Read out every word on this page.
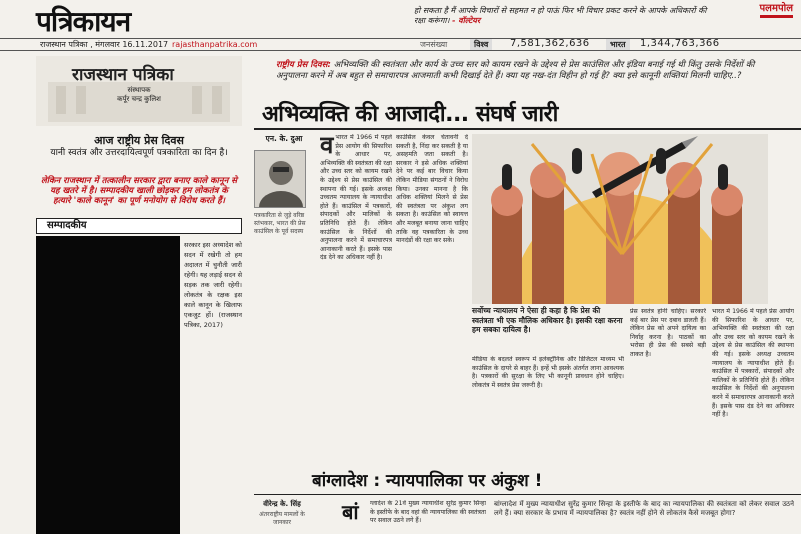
पत्रिकायन	हो सकता है मैं आपके विचारों से सहमत न हो पाऊं फिर भी विचार प्रकट करने के आपके अधिकारों की रक्षा करूंगा। - वॉल्टेयर
पलमपोल
राजस्थान पत्रिका , मंगलवार 16.11.2017 rajasthanpatrika.com	जनसंख्या	विश्व	7,581,362,636	भारत	1,344,763,366
राजस्थान पत्रिका
संस्थापक
कर्पूर चन्द्र कुलिश
आज राष्ट्रीय प्रेस दिवस
यानी स्वतंत्र और उत्तरदायित्वपूर्ण पत्रकारिता का दिन है।
लेकिन राजस्थान में तत्कालीन सरकार द्वारा बनाए काले कानून से यह खतरे में है। सम्पादकीय खाली छोड़कर हम लोकतंत्र के हत्यारे 'काले कानून' का पूर्ण मनोयोग से विरोध करते हैं।
सम्पादकीय
सरकार इस अध्यादेश को सदन में रखेगी तो हम अदालत में चुनौती जारी रहेगी। यह लड़ाई सदन से सड़क तक जारी रहेगी। लोकतंत्र के रक्षक इस काले कानून के खिलाफ एकजुट हों। (राजस्थान पत्रिका, 2017)
राष्ट्रीय प्रेस दिवस: अभिव्यक्ति की स्वतंत्रता और कार्य के उच्च स्तर को कायम रखने के उद्देश्य से प्रेस काउंसिल और इंडिया बनाई गई थी किंतु उसके निर्देशों की अनुपालना करने में अब बहुत से समाचारपत्र आजमाती कभी दिखाई देते हैं। क्या यह नख-दंत विहीन हो गई है? क्या इसे कानूनी शक्तियां मिलनी चाहिए..?
अभिव्यक्ति की आजादी... संघर्ष जारी
एन. के. दुआ
पत्रकारिता से जुड़े वरिष्ठ स्तंभकार, भारत की प्रेस काउंसिल के पूर्व सदस्य
व भारत में 1966 में पहले प्रेस आयोग की सिफारिश के आधार पर, अभिव्यक्ति की स्वतंत्रता की रक्षा और उच्च स्तर को कायम रखने के उद्देश्य से प्रेस काउंसिल की स्थापना की गई। इसके अध्यक्ष उच्चतम न्यायालय के न्यायाधीश होते हैं। काउंसिल में पत्रकारों, संपादकों और मालिकों के प्रतिनिधि होते हैं। लेकिन काउंसिल के निर्देशों की अनुपालना करने में समाचारपत्र आनाकानी करते हैं। इसके पास दंड देने का अधिकार नहीं है।
काउंसिल केवल चेतावनी दे सकती है, निंदा कर सकती है या असहमति जता सकती है। सरकार ने इसे अधिक शक्तियां देने पर कई बार विचार किया लेकिन मीडिया संगठनों ने विरोध किया। उनका मानना है कि अधिक शक्तियां मिलने से प्रेस की स्वतंत्रता पर अंकुश लग सकता है। काउंसिल को स्वायत्त और मजबूत बनाया जाना चाहिए ताकि वह पत्रकारिता के उच्च मानदंडों की रक्षा कर सके।
सर्वोच्च न्यायालय ने ऐसा ही कहा है कि प्रेस की स्वतंत्रता भी एक मौलिक अधिकार है। इसकी रक्षा करना हम सबका दायित्व है।
मीडिया के बदलते स्वरूप में इलेक्ट्रॉनिक और डिजिटल माध्यम भी काउंसिल के दायरे से बाहर हैं। इन्हें भी इसके अंतर्गत लाना आवश्यक है। पत्रकारों की सुरक्षा के लिए भी कानूनी प्रावधान होने चाहिए। लोकतंत्र में स्वतंत्र प्रेस जरूरी है।
प्रेस स्वतंत्र होनी चाहिए। सरकारें कई बार प्रेस पर दबाव डालती हैं। लेकिन प्रेस को अपने दायित्व का निर्वाह करना है। पाठकों का भरोसा ही प्रेस की सबसे बड़ी ताकत है।
भारत में 1966 में पहले प्रेस आयोग की सिफारिश के आधार पर, अभिव्यक्ति की स्वतंत्रता की रक्षा और उच्च स्तर को कायम रखने के उद्देश्य से प्रेस काउंसिल की स्थापना की गई। इसके अध्यक्ष उच्चतम न्यायालय के न्यायाधीश होते हैं। काउंसिल में पत्रकारों, संपादकों और मालिकों के प्रतिनिधि होते हैं। लेकिन काउंसिल के निर्देशों की अनुपालना करने में समाचारपत्र आनाकानी करते हैं। इसके पास दंड देने का अधिकार नहीं है।
बांग्लादेश : न्यायपालिका पर अंकुश !
वीरेन्द्र के. सिंह
अंतरराष्ट्रीय मामलों के जानकार	बां ग्लादेश के 21वें मुख्य न्यायाधीश सुरेंद्र कुमार सिन्हा के इस्तीफे के बाद वहां की न्यायपालिका की स्वतंत्रता पर सवाल उठने लगे हैं।
बांग्लादेश में मुख्य न्यायाधीश सुरेंद्र कुमार सिन्हा के इस्तीफे के बाद का न्यायपालिका की स्वतंत्रता को लेकर सवाल उठने लगे हैं। क्या सरकार के प्रभाव में न्यायपालिका है? स्वतंत्र नहीं होने से लोकतंत्र कैसे मजबूत होगा?
